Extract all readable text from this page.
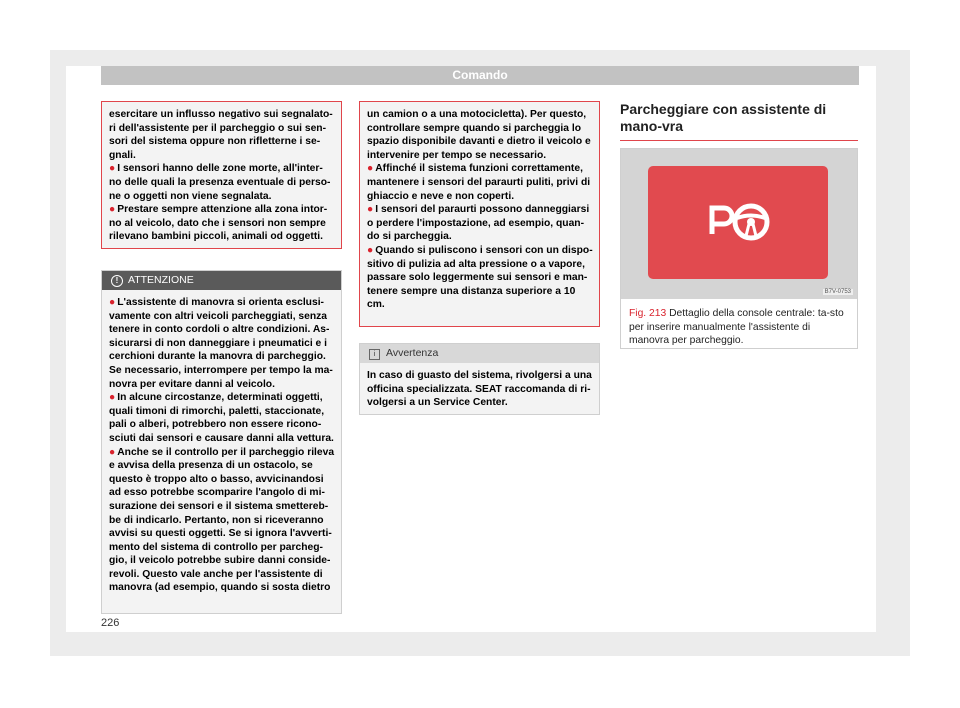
Comando

esercitare un influsso negativo sui segnalato-ri dell'assistente per il parcheggio o sui sen-sori del sistema oppure non rifletterne i se-gnali.

● I sensori hanno delle zone morte, all'inter-no delle quali la presenza eventuale di perso-ne o oggetti non viene segnalata.

● Prestare sempre attenzione alla zona intor-no al veicolo, dato che i sensori non sempre rilevano bambini piccoli, animali od oggetti.

! ATTENZIONE

● L'assistente di manovra si orienta esclusi-vamente con altri veicoli parcheggiati, senza tenere in conto cordoli o altre condizioni. As-sicurarsi di non danneggiare i pneumatici e i cerchioni durante la manovra di parcheggio. Se necessario, interrompere per tempo la ma-novra per evitare danni al veicolo.

● In alcune circostanze, determinati oggetti, quali timoni di rimorchi, paletti, staccionate, pali o alberi, potrebbero non essere ricono-sciuti dai sensori e causare danni alla vettura.

● Anche se il controllo per il parcheggio rileva e avvisa della presenza di un ostacolo, se questo è troppo alto o basso, avvicinandosi ad esso potrebbe scomparire l'angolo di mi-surazione dei sensori e il sistema smettereb-be di indicarlo. Pertanto, non si riceveranno avvisi su questi oggetti. Se si ignora l'avverti-mento del sistema di controllo per parcheg-gio, il veicolo potrebbe subire danni conside-revoli. Questo vale anche per l'assistente di manovra (ad esempio, quando si sosta dietro

un camion o a una motocicletta). Per questo, controllare sempre quando si parcheggia lo spazio disponibile davanti e dietro il veicolo e intervenire per tempo se necessario.

● Affinché il sistema funzioni correttamente, mantenere i sensori del paraurti puliti, privi di ghiaccio e neve e non coperti.

● I sensori del paraurti possono danneggiarsi o perdere l'impostazione, ad esempio, quan-do si parcheggia.

● Quando si puliscono i sensori con un dispo-sitivo di pulizia ad alta pressione o a vapore, passare solo leggermente sui sensori e man-tenere sempre una distanza superiore a 10 cm.

i	Avvertenza

In caso di guasto del sistema, rivolgersi a una officina specializzata. SEAT raccomanda di ri-volgersi a un Service Center.

Parcheggiare con assistente di mano-vra
B7V-0753
Fig. 213 Dettaglio della console centrale: ta-sto per inserire manualmente l'assistente di manovra per parcheggio.
226
